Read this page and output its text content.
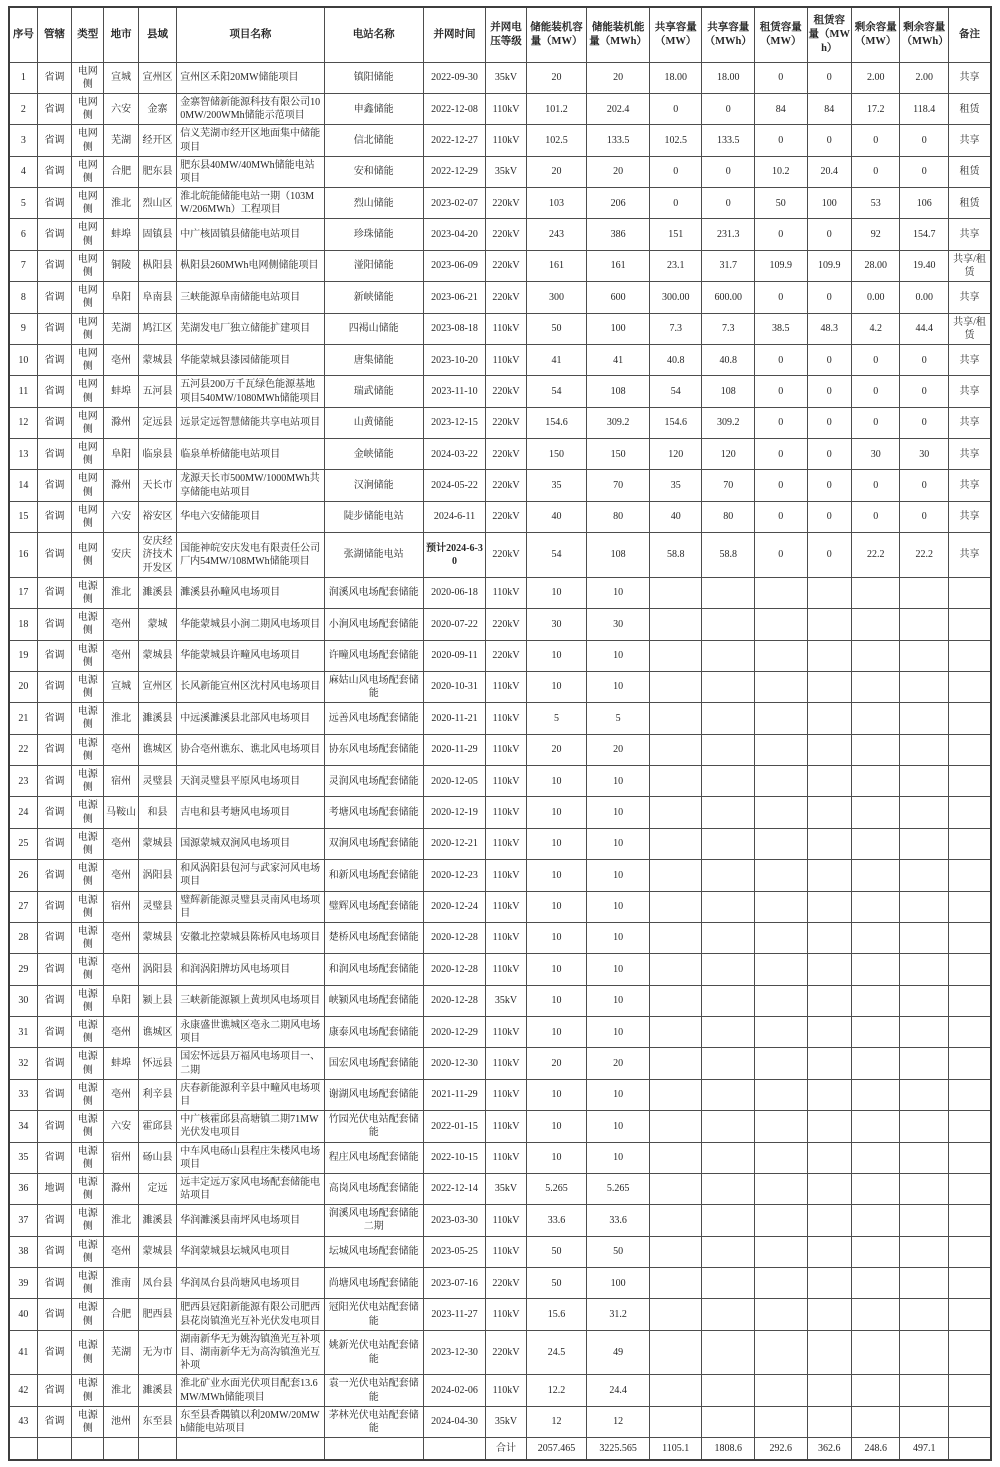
序号	管辖	类型	地市	县域	项目名称	电站名称	并网时间	并网电压等级	储能装机容量（MW）	储能装机能量（MWh）	共享容量（MW）	共享容量（MWh）	租赁容量（MW）	租赁容量（MWh）	剩余容量（MW）	剩余容量（MWh）	备注
1	省调	电网侧	宣城	宣州区	宣州区禾阳20MW储能项目	镇阳储能	2022-09-30	35kV	20	20	18.00	18.00	0	0	2.00	2.00	共享
2	省调	电网侧	六安	金寨	金寨智储新能源科技有限公司100MW/200WMh储能示范项目	申鑫储能	2022-12-08	110kV	101.2	202.4	0	0	84	84	17.2	118.4	租赁
3	省调	电网侧	芜湖	经开区	信义芜湖市经开区地面集中储能项目	信北储能	2022-12-27	110kV	102.5	133.5	102.5	133.5	0	0	0	0	共享
4	省调	电网侧	合肥	肥东县	肥东县40MW/40MWh储能电站项目	安和储能	2022-12-29	35kV	20	20	0	0	10.2	20.4	0	0	租赁
5	省调	电网侧	淮北	烈山区	淮北皖能储能电站一期（103MW/206MWh）工程项目	烈山储能	2023-02-07	220kV	103	206	0	0	50	100	53	106	租赁
6	省调	电网侧	蚌埠	固镇县	中广核固镇县储能电站项目	珍珠储能	2023-04-20	220kV	243	386	151	231.3	0	0	92	154.7	共享
7	省调	电网侧	铜陵	枞阳县	枞阳县260MWh电网侧储能项目	湴阳储能	2023-06-09	220kV	161	161	23.1	31.7	109.9	109.9	28.00	19.40	共享/租赁
8	省调	电网侧	阜阳	阜南县	三峡能源阜南储能电站项目	新峡储能	2023-06-21	220kV	300	600	300.00	600.00	0	0	0.00	0.00	共享
9	省调	电网侧	芜湖	鸠江区	芜湖发电厂独立储能扩建项目	四褐山储能	2023-08-18	110kV	50	100	7.3	7.3	38.5	48.3	4.2	44.4	共享/租赁
10	省调	电网侧	亳州	蒙城县	华能蒙城县漆园储能项目	唐集储能	2023-10-20	110kV	41	41	40.8	40.8	0	0	0	0	共享
11	省调	电网侧	蚌埠	五河县	五河县200万千瓦绿色能源基地项目540MW/1080MWh储能项目	瑞武储能	2023-11-10	220kV	54	108	54	108	0	0	0	0	共享
12	省调	电网侧	滁州	定远县	远景定远智慧储能共享电站项目	山黄储能	2023-12-15	220kV	154.6	309.2	154.6	309.2	0	0	0	0	共享
13	省调	电网侧	阜阳	临泉县	临泉单桥储能电站项目	金峡储能	2024-03-22	220kV	150	150	120	120	0	0	30	30	共享
14	省调	电网侧	滁州	天长市	龙源天长市500MW/1000MWh共享储能电站项目	汉涧储能	2024-05-22	220kV	35	70	35	70	0	0	0	0	共享
15	省调	电网侧	六安	裕安区	华电六安储能项目	陡步储能电站	2024-6-11	220kV	40	80	40	80	0	0	0	0	共享
16	省调	电网侧	安庆	安庆经济技术开发区	国能神皖安庆发电有限责任公司厂内54MW/108MWh储能项目	张湖储能电站	预计2024-6-30	220kV	54	108	58.8	58.8	0	0	22.2	22.2	共享
17	省调	电源侧	淮北	濉溪县	濉溪县孙疃风电场项目	润溪风电场配套储能	2020-06-18	110kV	10	10							
18	省调	电源侧	亳州	蒙城	华能蒙城县小涧二期风电场项目	小涧风电场配套储能	2020-07-22	220kV	30	30							
19	省调	电源侧	亳州	蒙城县	华能蒙城县许疃风电场项目	许疃风电场配套储能	2020-09-11	220kV	10	10							
20	省调	电源侧	宣城	宣州区	长风新能宣州区沈村风电场项目	麻姑山风电场配套储能	2020-10-31	110kV	10	10							
21	省调	电源侧	淮北	濉溪县	中远溪濉溪县北部风电场项目	远善风电场配套储能	2020-11-21	110kV	5	5							
22	省调	电源侧	亳州	谯城区	协合亳州谯东、谯北风电场项目	协东风电场配套储能	2020-11-29	110kV	20	20							
23	省调	电源侧	宿州	灵璧县	天润灵璧县平原风电场项目	灵润风电场配套储能	2020-12-05	110kV	10	10							
24	省调	电源侧	马鞍山	和县	吉电和县考塘风电场项目	考塘风电场配套储能	2020-12-19	110kV	10	10							
25	省调	电源侧	亳州	蒙城县	国源蒙城双涧风电场项目	双涧风电场配套储能	2020-12-21	110kV	10	10							
26	省调	电源侧	亳州	涡阳县	和风涡阳县包河与武家河风电场项目	和新风电场配套储能	2020-12-23	110kV	10	10							
27	省调	电源侧	宿州	灵璧县	璧辉新能源灵璧县灵南风电场项目	璧辉风电场配套储能	2020-12-24	110kV	10	10							
28	省调	电源侧	亳州	蒙城县	安徽北控蒙城县陈桥风电场项目	楚桥风电场配套储能	2020-12-28	110kV	10	10							
29	省调	电源侧	亳州	涡阳县	和润涡阳牌坊风电场项目	和润风电场配套储能	2020-12-28	110kV	10	10							
30	省调	电源侧	阜阳	颍上县	三峡新能源颍上黄坝风电场项目	峡颍风电场配套储能	2020-12-28	35kV	10	10							
31	省调	电源侧	亳州	谯城区	永康盛世谯城区亳永二期风电场项目	康泰风电场配套储能	2020-12-29	110kV	10	10							
32	省调	电源侧	蚌埠	怀远县	国宏怀远县万福风电场项目一、二期	国宏风电场配套储能	2020-12-30	110kV	20	20							
33	省调	电源侧	亳州	利辛县	庆春新能源利辛县中疃风电场项目	谢湖风电场配套储能	2021-11-29	110kV	10	10							
34	省调	电源侧	六安	霍邱县	中广核霍邱县高塘镇二期71MW光伏发电项目	竹园光伏电站配套储能	2022-01-15	110kV	10	10							
35	省调	电源侧	宿州	砀山县	中车风电砀山县程庄朱楼风电场项目	程庄风电场配套储能	2022-10-15	110kV	10	10							
36	地调	电源侧	滁州	定远	远丰定远万家风电场配套储能电站项目	高岗风电场配套储能	2022-12-14	35kV	5.265	5.265							
37	省调	电源侧	淮北	濉溪县	华润濉溪县南坪风电场项目	润溪风电场配套储能二期	2023-03-30	110kV	33.6	33.6							
38	省调	电源侧	亳州	蒙城县	华润蒙城县坛城风电项目	坛城风电场配套储能	2023-05-25	110kV	50	50							
39	省调	电源侧	淮南	凤台县	华润凤台县尚塘风电场项目	尚塘风电场配套储能	2023-07-16	220kV	50	100							
40	省调	电源侧	合肥	肥西县	肥西县冠阳新能源有限公司肥西县花岗镇渔光互补光伏发电项目	冠阳光伏电站配套储能	2023-11-27	110kV	15.6	31.2							
41	省调	电源侧	芜湖	无为市	湖南新华无为姚沟镇渔光互补项目、湖南新华无为高沟镇渔光互补项	姚新光伏电站配套储能	2023-12-30	220kV	24.5	49							
42	省调	电源侧	淮北	濉溪县	淮北矿业水面光伏项目配套13.6MW/MWh储能项目	袁一光伏电站配套储能	2024-02-06	110kV	12.2	24.4							
43	省调	电源侧	池州	东至县	东至县香隅镇以利20MW/20MWh储能电站项目	茅林光伏电站配套储能	2024-04-30	35kV	12	12							
								合计	2057.465	3225.565	1105.1	1808.6	292.6	362.6	248.6	497.1	
